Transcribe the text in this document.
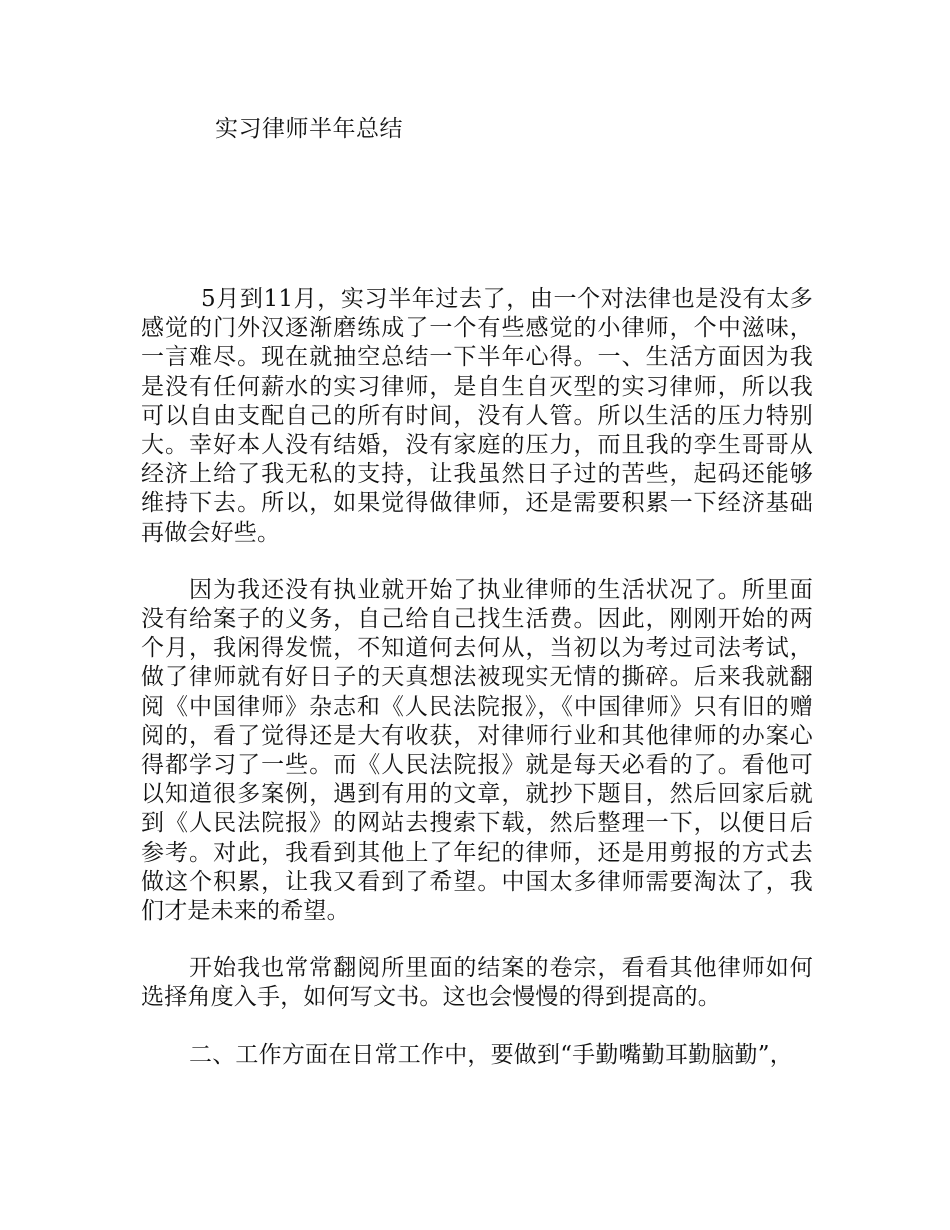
实习律师半年总结

5月到11月，实习半年过去了，由一个对法律也是没有太多感觉的门外汉逐渐磨练成了一个有些感觉的小律师，个中滋味，一言难尽。现在就抽空总结一下半年心得。一、生活方面因为我是没有任何薪水的实习律师，是自生自灭型的实习律师，所以我可以自由支配自己的所有时间，没有人管。所以生活的压力特别大。幸好本人没有结婚，没有家庭的压力，而且我的孪生哥哥从经济上给了我无私的支持，让我虽然日子过的苦些，起码还能够维持下去。所以，如果觉得做律师，还是需要积累一下经济基础再做会好些。

因为我还没有执业就开始了执业律师的生活状况了。所里面没有给案子的义务，自己给自己找生活费。因此，刚刚开始的两个月，我闲得发慌，不知道何去何从，当初以为考过司法考试，做了律师就有好日子的天真想法被现实无情的撕碎。后来我就翻阅《中国律师》杂志和《人民法院报》，《中国律师》只有旧的赠阅的，看了觉得还是大有收获，对律师行业和其他律师的办案心得都学习了一些。而《人民法院报》就是每天必看的了。看他可以知道很多案例，遇到有用的文章，就抄下题目，然后回家后就到《人民法院报》的网站去搜索下载，然后整理一下，以便日后参考。对此，我看到其他上了年纪的律师，还是用剪报的方式去做这个积累，让我又看到了希望。中国太多律师需要淘汰了，我们才是未来的希望。

开始我也常常翻阅所里面的结案的卷宗，看看其他律师如何选择角度入手，如何写文书。这也会慢慢的得到提高的。

二、工作方面在日常工作中，要做到“手勤嘴勤耳勤脑勤”，
